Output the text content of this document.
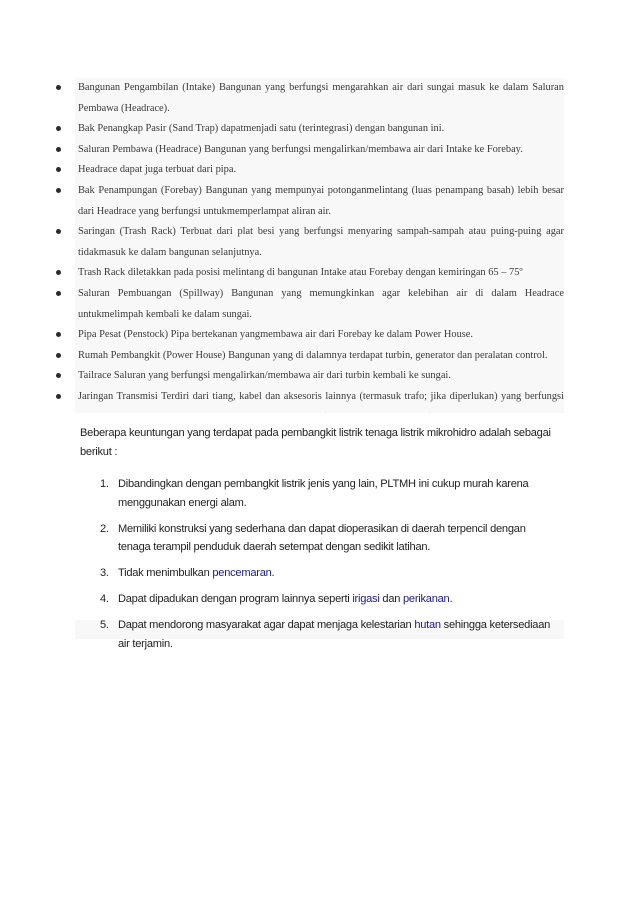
Bangunan Pengambilan (Intake) Bangunan yang berfungsi mengarahkan air dari sungai masuk ke dalam Saluran Pembawa (Headrace).
Bak Penangkap Pasir (Sand Trap) dapatmenjadi satu (terintegrasi) dengan bangunan ini.
Saluran Pembawa (Headrace) Bangunan yang berfungsi mengalirkan/membawa air dari Intake ke Forebay.
Headrace dapat juga terbuat dari pipa.
Bak Penampungan (Forebay) Bangunan yang mempunyai potonganmelintang (luas penampang basah) lebih besar dari Headrace yang berfungsi untukmemperlampat aliran air.
Saringan (Trash Rack) Terbuat dari plat besi yang berfungsi menyaring sampah-sampah atau puing-puing agar tidakmasuk ke dalam bangunan selanjutnya.
Trash Rack diletakkan pada posisi melintang di bangunan Intake atau Forebay dengan kemiringan 65 – 75º
Saluran Pembuangan (Spillway) Bangunan yang memungkinkan agar kelebihan air di dalam Headrace untukmelimpah kembali ke dalam sungai.
Pipa Pesat (Penstock) Pipa bertekanan yangmembawa air dari Forebay ke dalam Power House.
Rumah Pembangkit (Power House) Bangunan yang di dalamnya terdapat turbin, generator dan peralatan control.
Tailrace Saluran yang berfungsi mengalirkan/membawa air dari turbin kembali ke sungai.
Jaringan Transmisi Terdiri dari tiang, kabel dan aksesoris lainnya (termasuk trafo; jika diperlukan) yang berfungsi

Beberapa keuntungan yang terdapat pada pembangkit listrik tenaga listrik mikrohidro adalah sebagai berikut :

1. Dibandingkan dengan pembangkit listrik jenis yang lain, PLTMH ini cukup murah karena menggunakan energi alam.
2. Memiliki konstruksi yang sederhana dan dapat dioperasikan di daerah terpencil dengan tenaga terampil penduduk daerah setempat dengan sedikit latihan.
3. Tidak menimbulkan pencemaran.
4. Dapat dipadukan dengan program lainnya seperti irigasi dan perikanan.
5. Dapat mendorong masyarakat agar dapat menjaga kelestarian hutan sehingga ketersediaan air terjamin.
